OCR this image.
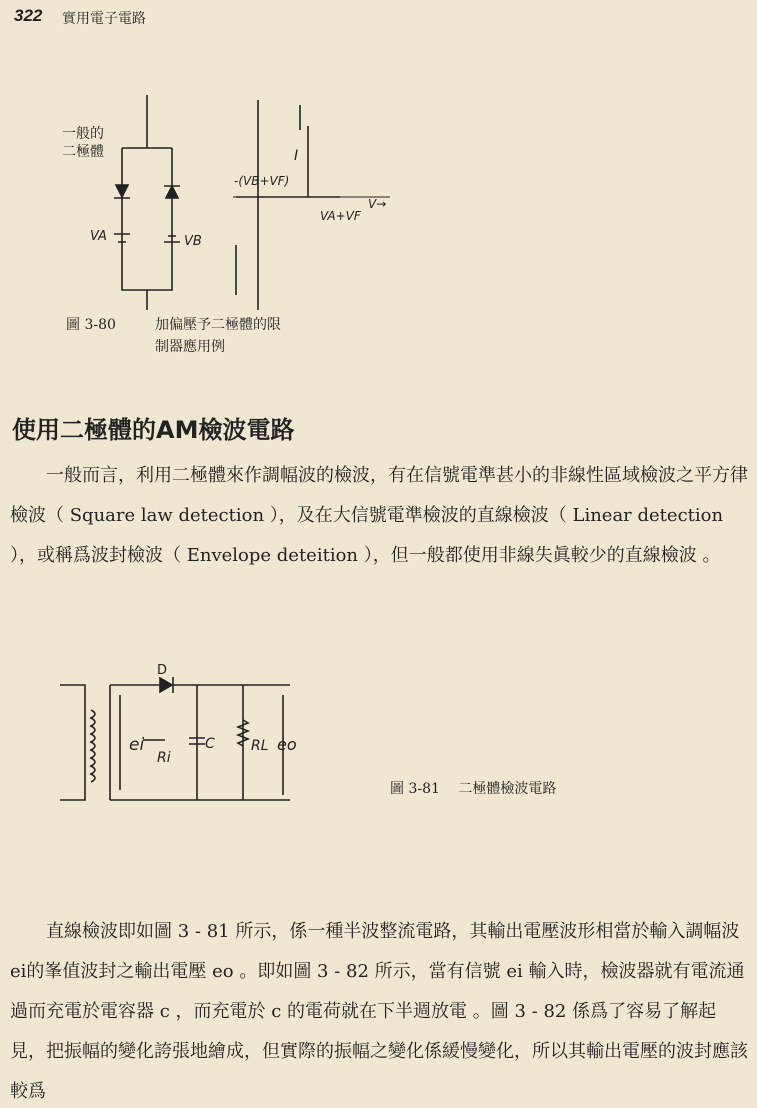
322 實用電子電路
一般的
二極體
VA	VB
I
-(VB+VF)
VA+VF
V→
圖 3-80	加偏壓予二極體的限
制器應用例
使用二極體的AM檢波電路

一般而言，利用二極體來作調幅波的檢波，有在信號電準甚小的非線性區域檢波之平方律檢波（ Square law detection ），及在大信號電準檢波的直線檢波（ Linear detection ），或稱爲波封檢波（ Envelope deteition ），但一般都使用非線失眞較少的直線檢波 。

D
ei
Ri
C	RL eo
圖 3-81　 二極體檢波電路

直線檢波即如圖 3 - 81 所示，係一種半波整流電路，其輸出電壓波形相當於輸入調幅波 ei的峯值波封之輸出電壓 eo 。即如圖 3 - 82 所示，當有信號 ei 輸入時，檢波器就有電流通過而充電於電容器 c ，而充電於 c 的電荷就在下半週放電 。圖 3 - 82 係爲了容易了解起見，把振幅的變化誇張地繪成，但實際的振幅之變化係緩慢變化，所以其輸出電壓的波封應該較爲
